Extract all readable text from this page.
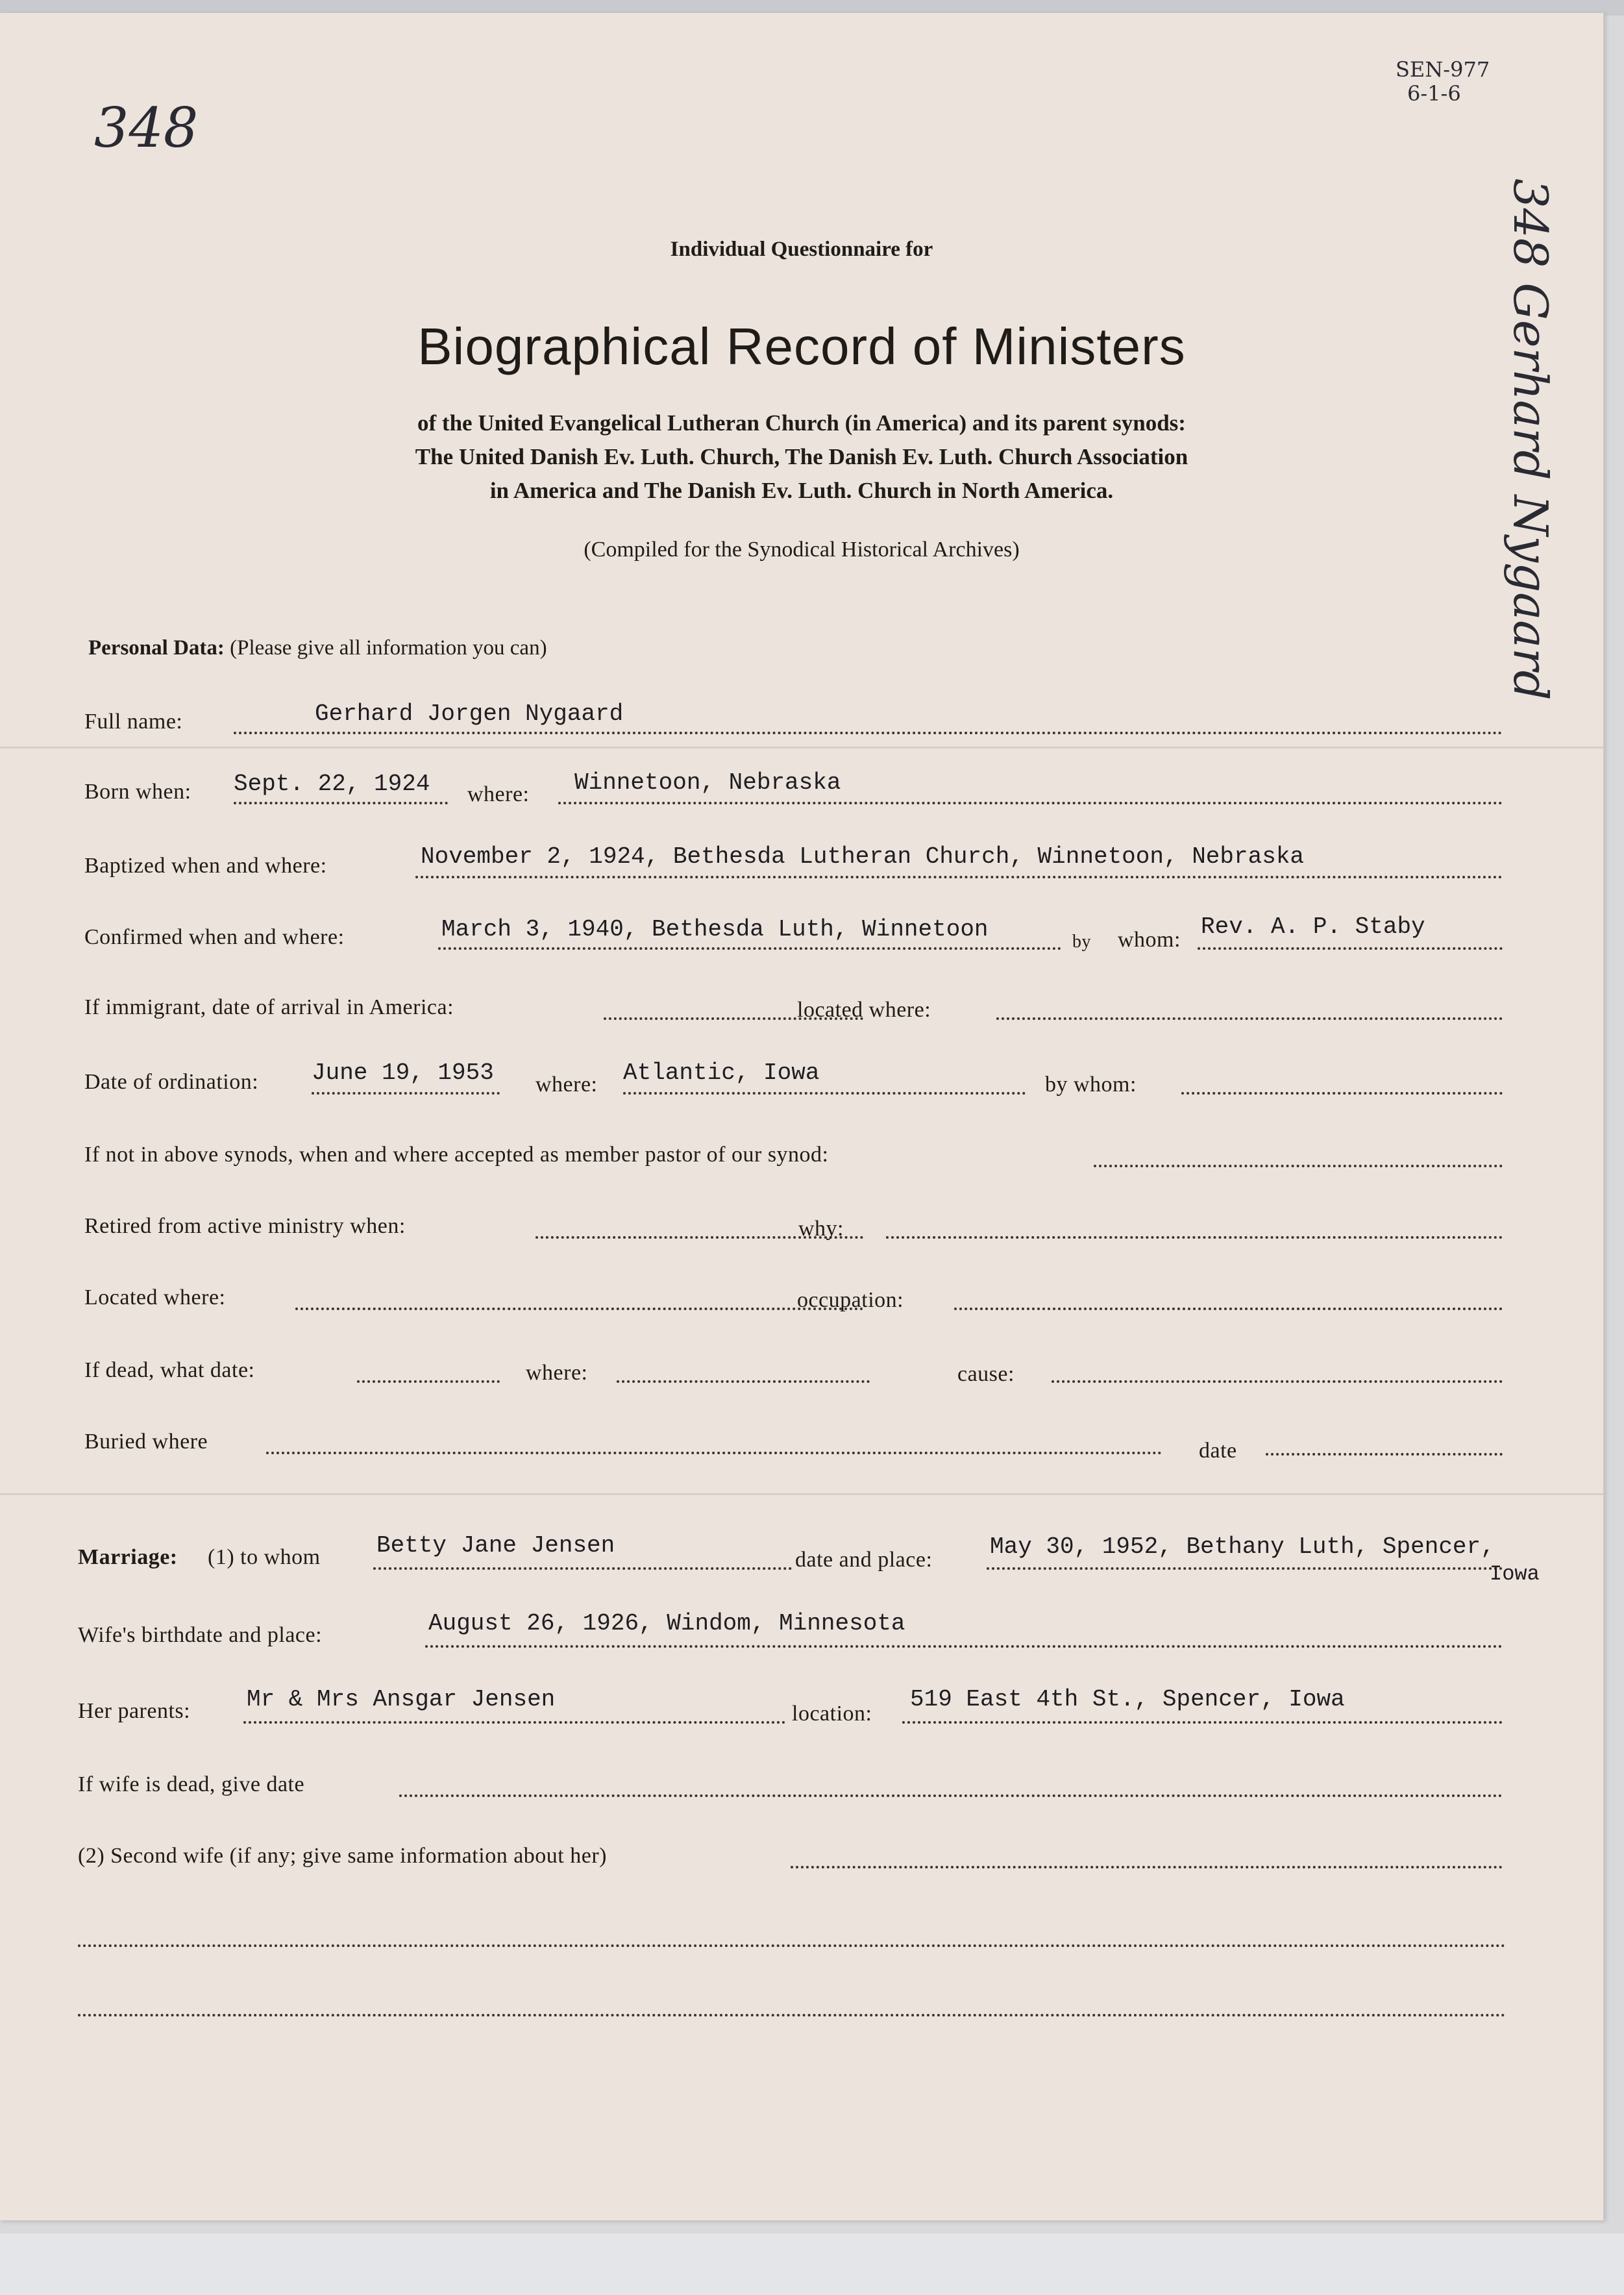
348
SEN-977
6-1-6
348 Gerhard Nygaard
Individual Questionnaire for
Biographical Record of Ministers
of the United Evangelical Lutheran Church (in America) and its parent synods:
The United Danish Ev. Luth. Church, The Danish Ev. Luth. Church Association
in America and The Danish Ev. Luth. Church in North America.
(Compiled for the Synodical Historical Archives)
Personal Data: (Please give all information you can)
Full name:	Gerhard Jorgen Nygaard
Born when: Sept. 22, 1924 where: Winnetoon, Nebraska
Baptized when and where:	November 2, 1924, Bethesda Lutheran Church, Winnetoon, Nebraska
Confirmed when and where:	March 3, 1940, Bethesda Luth, Winnetoon	by whom: Rev. A. P. Staby
If immigrant, date of arrival in America:	located where:
Date of ordination: June 19, 1953 where: Atlantic, Iowa	by whom:
If not in above synods, when and where accepted as member pastor of our synod:
Retired from active ministry when:	why:
Located where:	occupation:
If dead, what date:	where:	cause:
Buried where	date
Marriage: (1) to whom Betty Jane Jensen
date and place: May 30, 1952, Bethany Luth, Spencer,
Iowa
Wife's birthdate and place:	August 26, 1926, Windom, Minnesota
Her parents: Mr & Mrs Ansgar Jensen
location:
519 East 4th St., Spencer, Iowa
If wife is dead, give date
(2) Second wife (if any; give same information about her)
